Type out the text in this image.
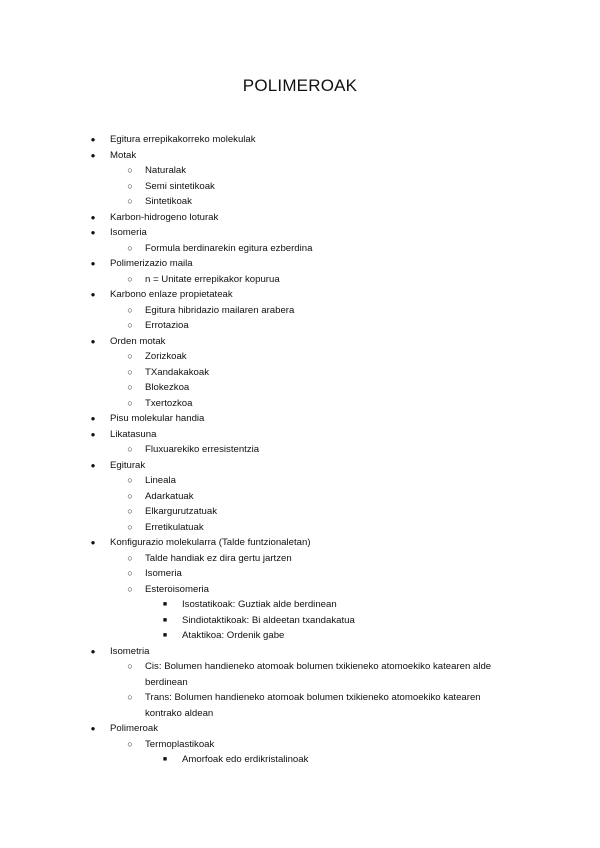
POLIMEROAK
● Egitura errepikakorreko molekulak
● Motak
○ Naturalak
○ Semi sintetikoak
○ Sintetikoak
● Karbon-hidrogeno loturak
● Isomeria
○ Formula berdinarekin egitura ezberdina
● Polimerizazio maila
○ n = Unitate errepikakor kopurua
● Karbono enlaze propietateak
○ Egitura hibridazio mailaren arabera
○ Errotazioa
● Orden motak
○ Zorizkoak
○ TXandakakoak
○ Blokezkoa
○ Txertozkoa
● Pisu molekular handia
● Likatasuna
○ Fluxuarekiko erresistentzia
● Egiturak
○ Lineala
○ Adarkatuak
○ Elkargurutzatuak
○ Erretikulatuak
● Konfigurazio molekularra (Talde funtzionaletan)
○ Talde handiak ez dira gertu jartzen
○ Isomeria
○ Esteroisomeria
■	Isostatikoak: Guztiak alde berdinean
■	Sindiotaktikoak: Bi aldeetan txandakatua
■	Ataktikoa: Ordenik gabe
● Isometria
○ Cis: Bolumen handieneko atomoak bolumen txikieneko atomoekiko katearen alde berdinean
○ Trans: Bolumen handieneko atomoak bolumen txikieneko atomoekiko katearen kontrako aldean
● Polimeroak
○ Termoplastikoak
■	Amorfoak edo erdikristalinoak
